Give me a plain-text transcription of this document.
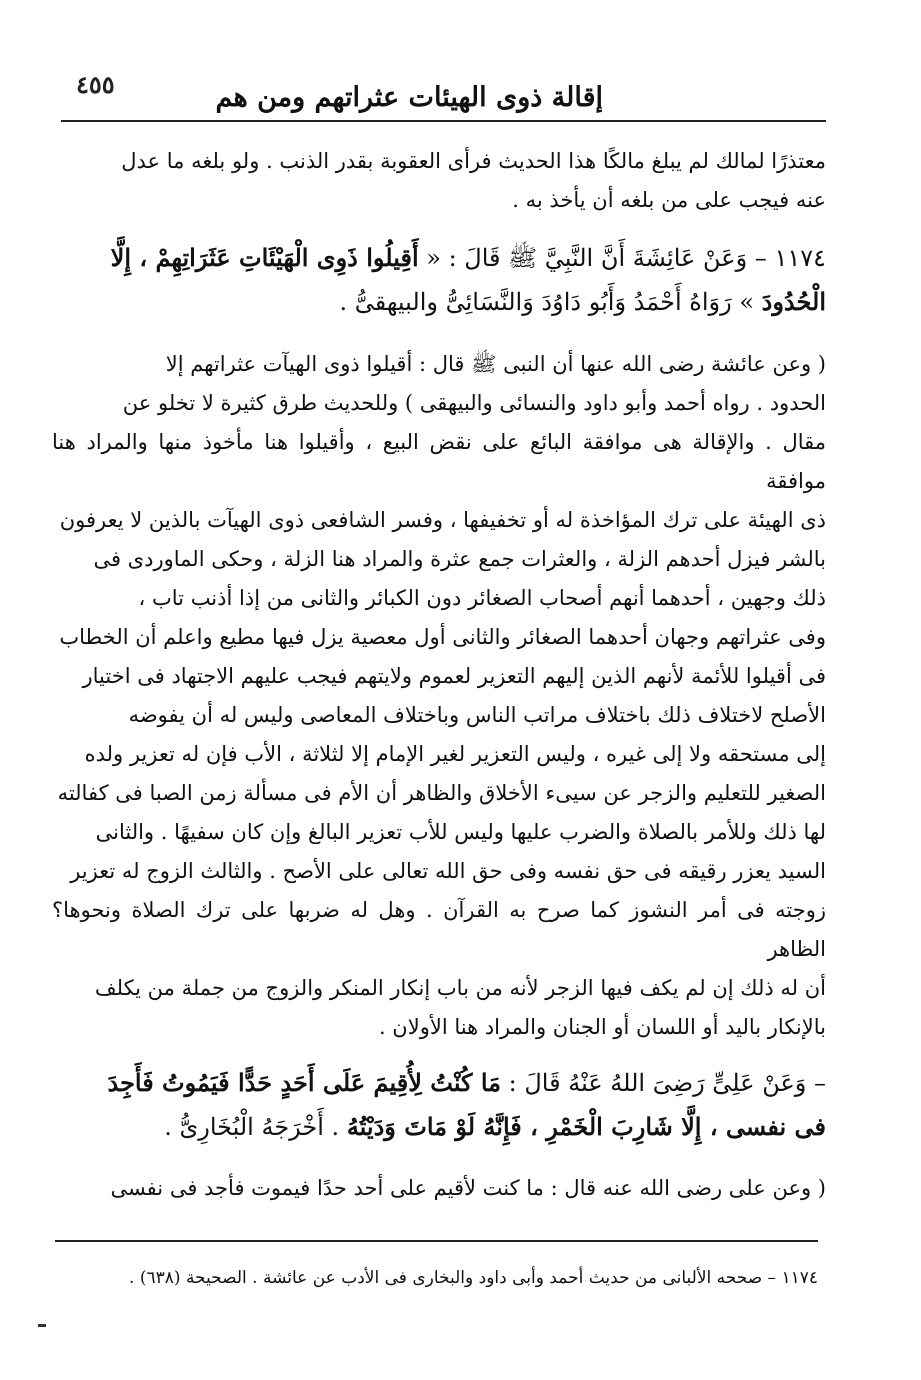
٤٥٥	إقالة ذوى الهيئات عثراتهم ومن هم
معتذرًا لمالك لم يبلغ مالكًا هذا الحديث فرأى العقوبة بقدر الذنب . ولو بلغه ما عدل
عنه فيجب على من بلغه أن يأخذ به .
١١٧٤ – وَعَنْ عَائِشَةَ أَنَّ النَّبِيَّ ﷺ قَالَ : « أَقِيلُوا ذَوِى الْهَيْئَاتِ عَثَرَاتِهِمْ ، إِلَّا
الْحُدُودَ » رَوَاهُ أَحْمَدُ وَأَبُو دَاوُدَ وَالنَّسَائِىُّ والبيهقىُّ .
( وعن عائشة رضى الله عنها أن النبى ﷺ قال : أقيلوا ذوى الهيآت عثراتهم إلا
الحدود . رواه أحمد وأبو داود والنسائى والبيهقى ) وللحديث طرق كثيرة لا تخلو عن
مقال . والإقالة هى موافقة البائع على نقض البيع ، وأقيلوا هنا مأخوذ منها والمراد هنا موافقة
ذى الهيئة على ترك المؤاخذة له أو تخفيفها ، وفسر الشافعى ذوى الهيآت بالذين لا يعرفون
بالشر فيزل أحدهم الزلة ، والعثرات جمع عثرة والمراد هنا الزلة ، وحكى الماوردى فى
ذلك وجهين ، أحدهما أنهم أصحاب الصغائر دون الكبائر والثانى من إذا أذنب تاب ،
وفى عثراتهم وجهان أحدهما الصغائر والثانى أول معصية يزل فيها مطيع واعلم أن الخطاب
فى أقيلوا للأئمة لأنهم الذين إليهم التعزير لعموم ولايتهم فيجب عليهم الاجتهاد فى اختيار
الأصلح لاختلاف ذلك باختلاف مراتب الناس وباختلاف المعاصى وليس له أن يفوضه
إلى مستحقه ولا إلى غيره ، وليس التعزير لغير الإمام إلا لثلاثة ، الأب فإن له تعزير ولده
الصغير للتعليم والزجر عن سيىء الأخلاق والظاهر أن الأم فى مسألة زمن الصبا فى كفالته
لها ذلك وللأمر بالصلاة والضرب عليها وليس للأب تعزير البالغ وإن كان سفيهًا . والثانى
السيد يعزر رقيقه فى حق نفسه وفى حق الله تعالى على الأصح . والثالث الزوج له تعزير
زوجته فى أمر النشوز كما صرح به القرآن . وهل له ضربها على ترك الصلاة ونحوها؟ الظاهر
أن له ذلك إن لم يكف فيها الزجر لأنه من باب إنكار المنكر والزوج من جملة من يكلف
بالإنكار باليد أو اللسان أو الجنان والمراد هنا الأولان .
– وَعَنْ عَلِىٍّ رَضِىَ اللهُ عَنْهُ قَالَ : مَا كُنْتُ لِأُقِيمَ عَلَى أَحَدٍ حَدًّا فَيَمُوتُ فَأَجِدَ
فى نفسى ، إِلَّا شَارِبَ الْخَمْرِ ، فَإِنَّهُ لَوْ مَاتَ وَدَيْتُهُ . أَخْرَجَهُ الْبُخَارِىُّ .
( وعن على رضى الله عنه قال : ما كنت لأقيم على أحد حدًا فيموت فأجد فى نفسى
١١٧٤ – صححه الألبانى من حديث أحمد وأبى داود والبخارى فى الأدب عن عائشة . الصحيحة (٦٣٨) .
